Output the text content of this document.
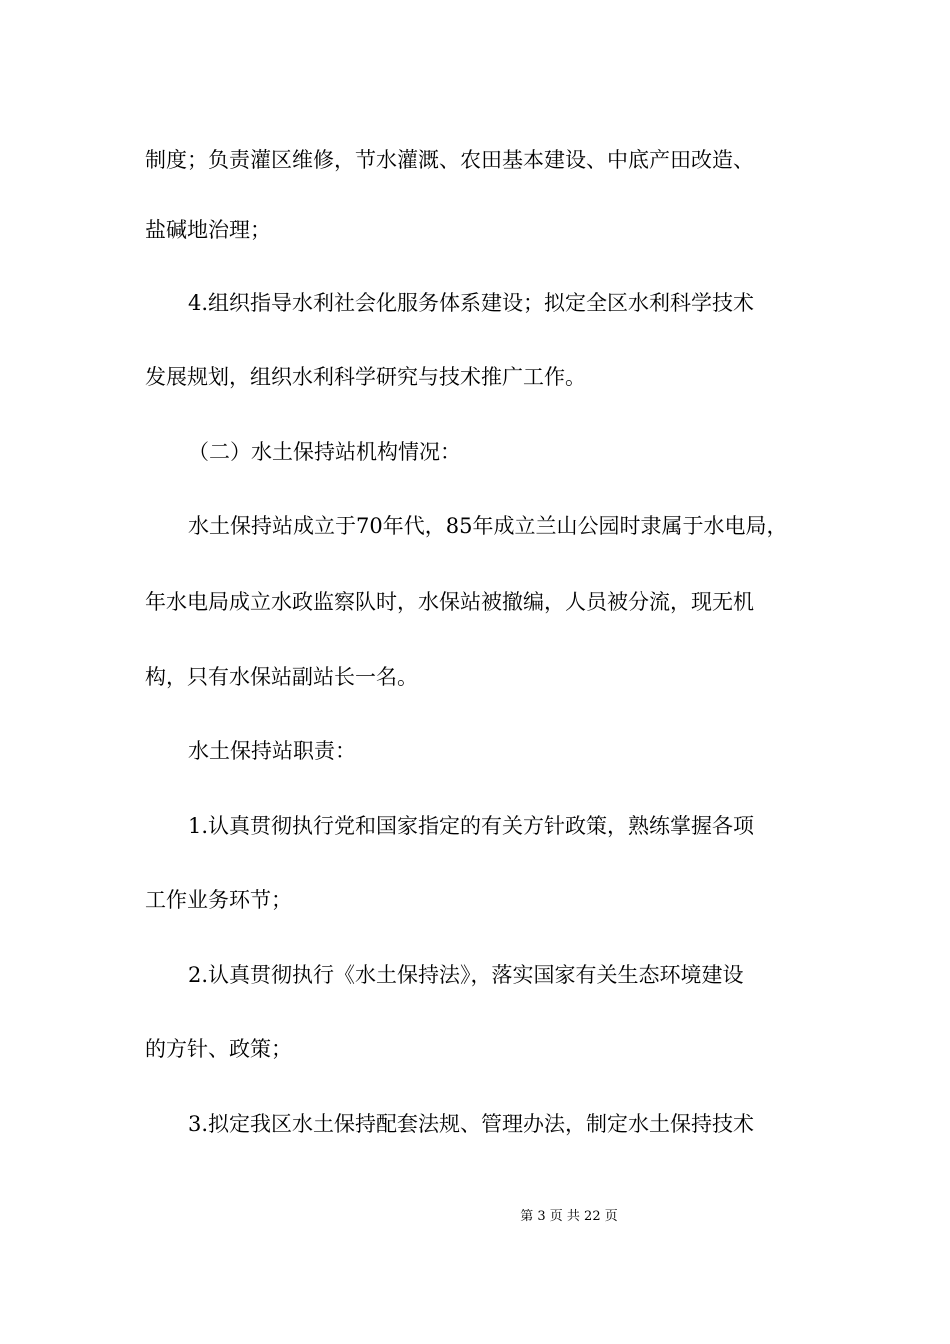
制度；负责灌区维修，节水灌溉、农田基本建设、中底产田改造、
盐碱地治理；
4.组织指导水利社会化服务体系建设；拟定全区水利科学技术
发展规划，组织水利科学研究与技术推广工作。
（二）水土保持站机构情况：
水土保持站成立于70年代，85年成立兰山公园时隶属于水电局，
年水电局成立水政监察队时，水保站被撤编，人员被分流，现无机
构，只有水保站副站长一名。
水土保持站职责：
1.认真贯彻执行党和国家指定的有关方针政策，熟练掌握各项
工作业务环节；
2.认真贯彻执行《水土保持法》，落实国家有关生态环境建设
的方针、政策；
3.拟定我区水土保持配套法规、管理办法，制定水土保持技术
第 3 页 共 22 页
